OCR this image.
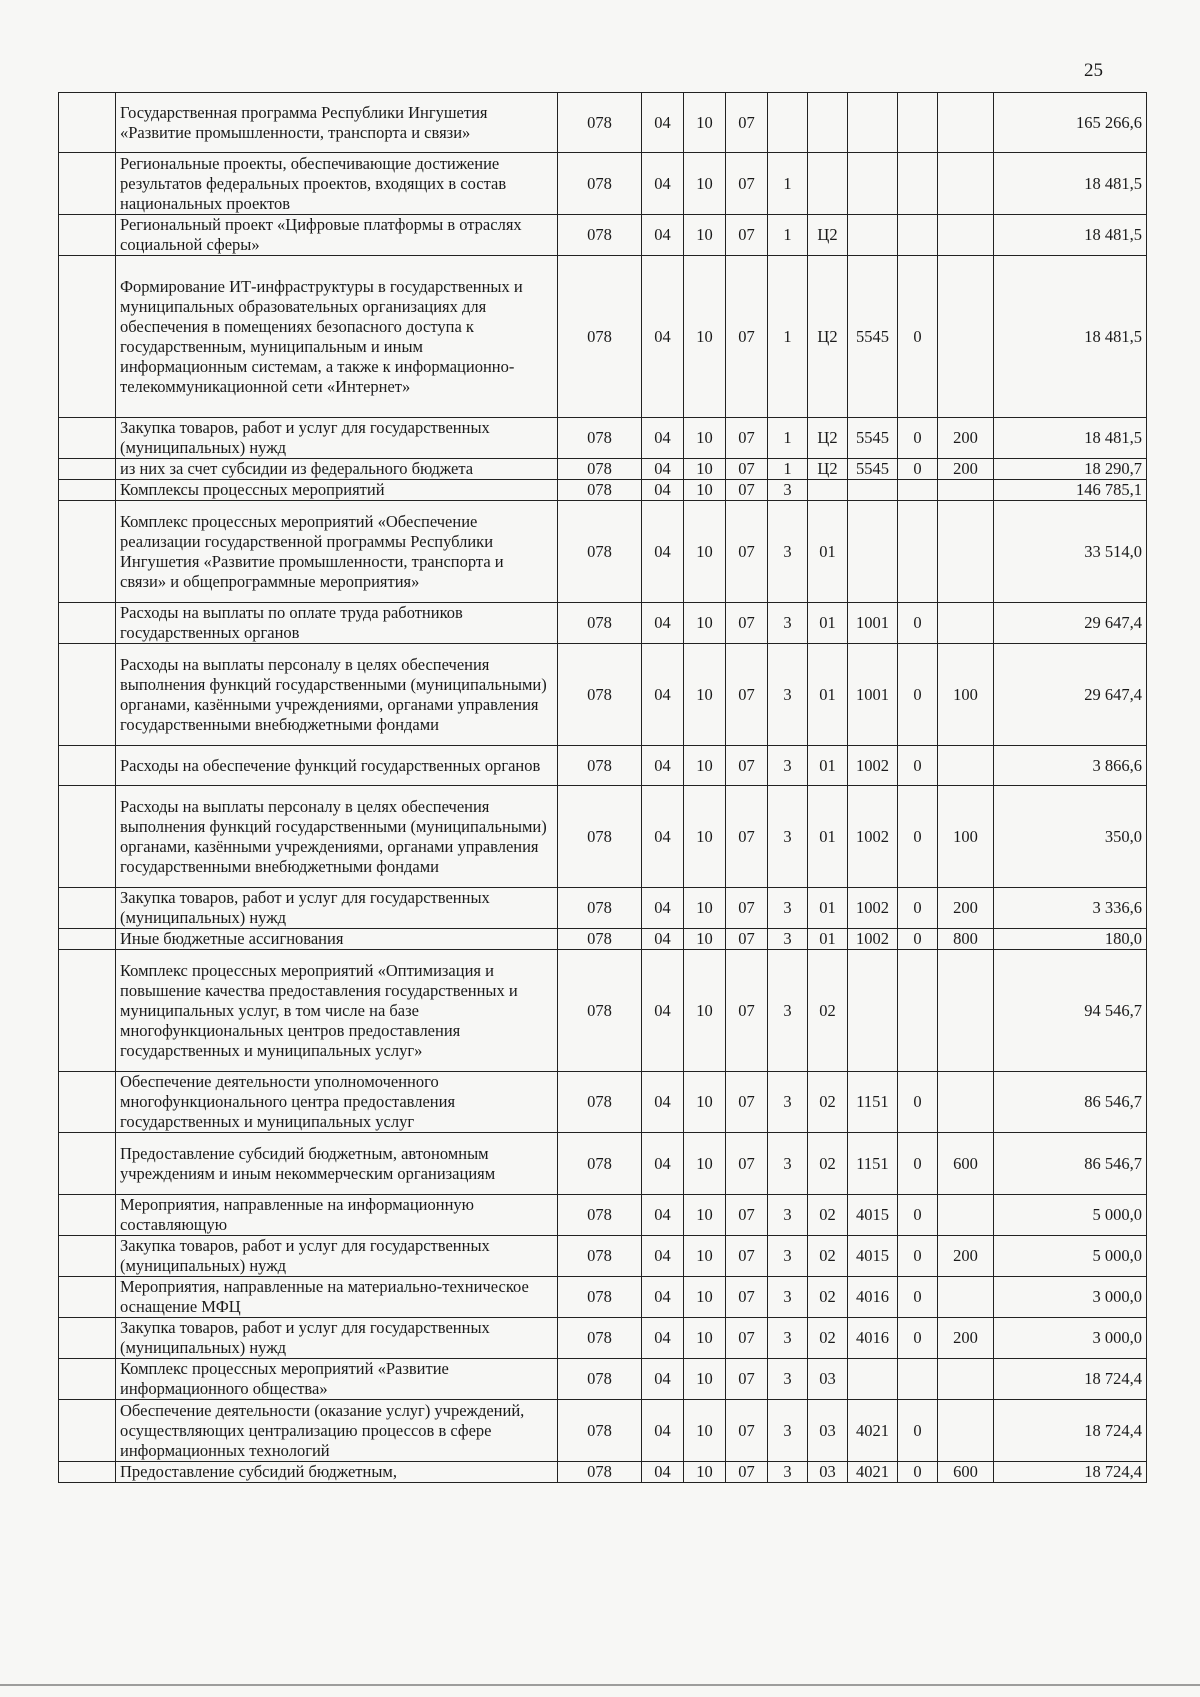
25
	Государственная программа Республики Ингушетия «Развитие промышленности, транспорта и связи»	078	04	10	07						165 266,6
	Региональные проекты, обеспечивающие достижение результатов федеральных проектов, входящих в состав национальных проектов	078	04	10	07	1					18 481,5
	Региональный проект «Цифровые платформы в отраслях социальной сферы»	078	04	10	07	1	Ц2				18 481,5
	Формирование ИТ-инфраструктуры в государственных и муниципальных образовательных организациях для обеспечения в помещениях безопасного доступа к государственным, муниципальным и иным информационным системам, а также к информационно-телекоммуникационной сети «Интернет»	078	04	10	07	1	Ц2	5545	0		18 481,5
	Закупка товаров, работ и услуг для государственных (муниципальных) нужд	078	04	10	07	1	Ц2	5545	0	200	18 481,5
	из них за счет субсидии из федерального бюджета	078	04	10	07	1	Ц2	5545	0	200	18 290,7
	Комплексы процессных мероприятий	078	04	10	07	3					146 785,1
	Комплекс процессных мероприятий «Обеспечение реализации государственной программы Республики Ингушетия «Развитие промышленности, транспорта и связи» и общепрограммные мероприятия»	078	04	10	07	3	01				33 514,0
	Расходы на выплаты по оплате труда работников государственных органов	078	04	10	07	3	01	1001	0		29 647,4
	Расходы на выплаты персоналу в целях обеспечения выполнения функций государственными (муниципальными) органами, казёнными учреждениями, органами управления государственными внебюджетными фондами	078	04	10	07	3	01	1001	0	100	29 647,4
	Расходы на обеспечение функций государственных органов	078	04	10	07	3	01	1002	0		3 866,6
	Расходы на выплаты персоналу в целях обеспечения выполнения функций государственными (муниципальными) органами, казёнными учреждениями, органами управления государственными внебюджетными фондами	078	04	10	07	3	01	1002	0	100	350,0
	Закупка товаров, работ и услуг для государственных (муниципальных) нужд	078	04	10	07	3	01	1002	0	200	3 336,6
	Иные бюджетные ассигнования	078	04	10	07	3	01	1002	0	800	180,0
	Комплекс процессных мероприятий «Оптимизация и повышение качества предоставления государственных и муниципальных услуг, в том числе на базе многофункциональных центров предоставления государственных и муниципальных услуг»	078	04	10	07	3	02				94 546,7
	Обеспечение деятельности уполномоченного многофункционального центра предоставления государственных и муниципальных услуг	078	04	10	07	3	02	1151	0		86 546,7
	Предоставление субсидий бюджетным, автономным учреждениям и иным некоммерческим организациям	078	04	10	07	3	02	1151	0	600	86 546,7
	Мероприятия, направленные на информационную составляющую	078	04	10	07	3	02	4015	0		5 000,0
	Закупка товаров, работ и услуг для государственных (муниципальных) нужд	078	04	10	07	3	02	4015	0	200	5 000,0
	Мероприятия, направленные на материально-техническое оснащение МФЦ	078	04	10	07	3	02	4016	0		3 000,0
	Закупка товаров, работ и услуг для государственных (муниципальных) нужд	078	04	10	07	3	02	4016	0	200	3 000,0
	Комплекс процессных мероприятий «Развитие информационного общества»	078	04	10	07	3	03				18 724,4
	Обеспечение деятельности (оказание услуг) учреждений, осуществляющих централизацию процессов в сфере информационных технологий	078	04	10	07	3	03	4021	0		18 724,4
	Предоставление субсидий бюджетным,	078	04	10	07	3	03	4021	0	600	18 724,4
